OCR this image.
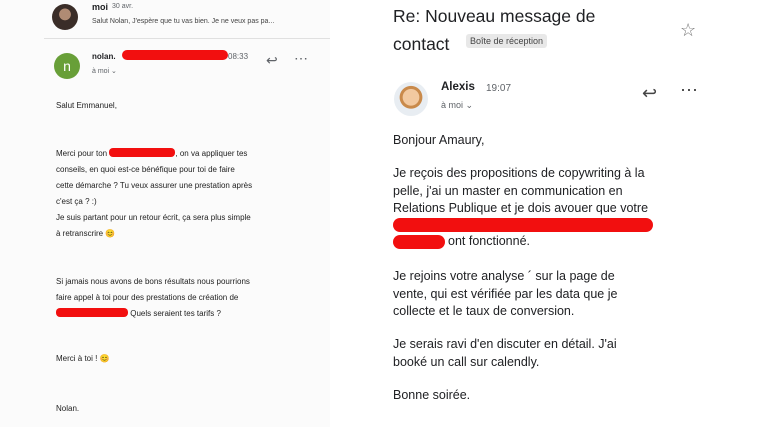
moi 30 avr.
Salut Nolan, J'espère que tu vas bien. Je ne veux pas pa...
n
nolan.	08:33
à moi ⌄
↩ ⋯
Salut Emmanuel,
Merci pour ton	, on va appliquer tes
conseils, en quoi est-ce bénéfique pour toi de faire
cette démarche ? Tu veux assurer une prestation après
c'est ça ? :)
Je suis partant pour un retour écrit, ça sera plus simple
à retranscrire 😊
Si jamais nous avons de bons résultats nous pourrions
faire appel à toi pour des prestations de création de
Quels seraient tes tarifs ?
Merci à toi ! 😊
Nolan.
Re: Nouveau message de
contact	Boîte de réception
☆
Alexis 19:07
à moi ⌄
↩ ⋯
Bonjour Amaury,
Je reçois des propositions de copywriting à la
pelle, j'ai un master en communication en
Relations Publique et je dois avouer que votre
ont fonctionné.
Je rejoins votre analyse ´ sur la page de
vente, qui est vérifiée par les data que je
collecte et le taux de conversion.
Je serais ravi d'en discuter en détail. J'ai
booké un call sur calendly.
Bonne soirée.
